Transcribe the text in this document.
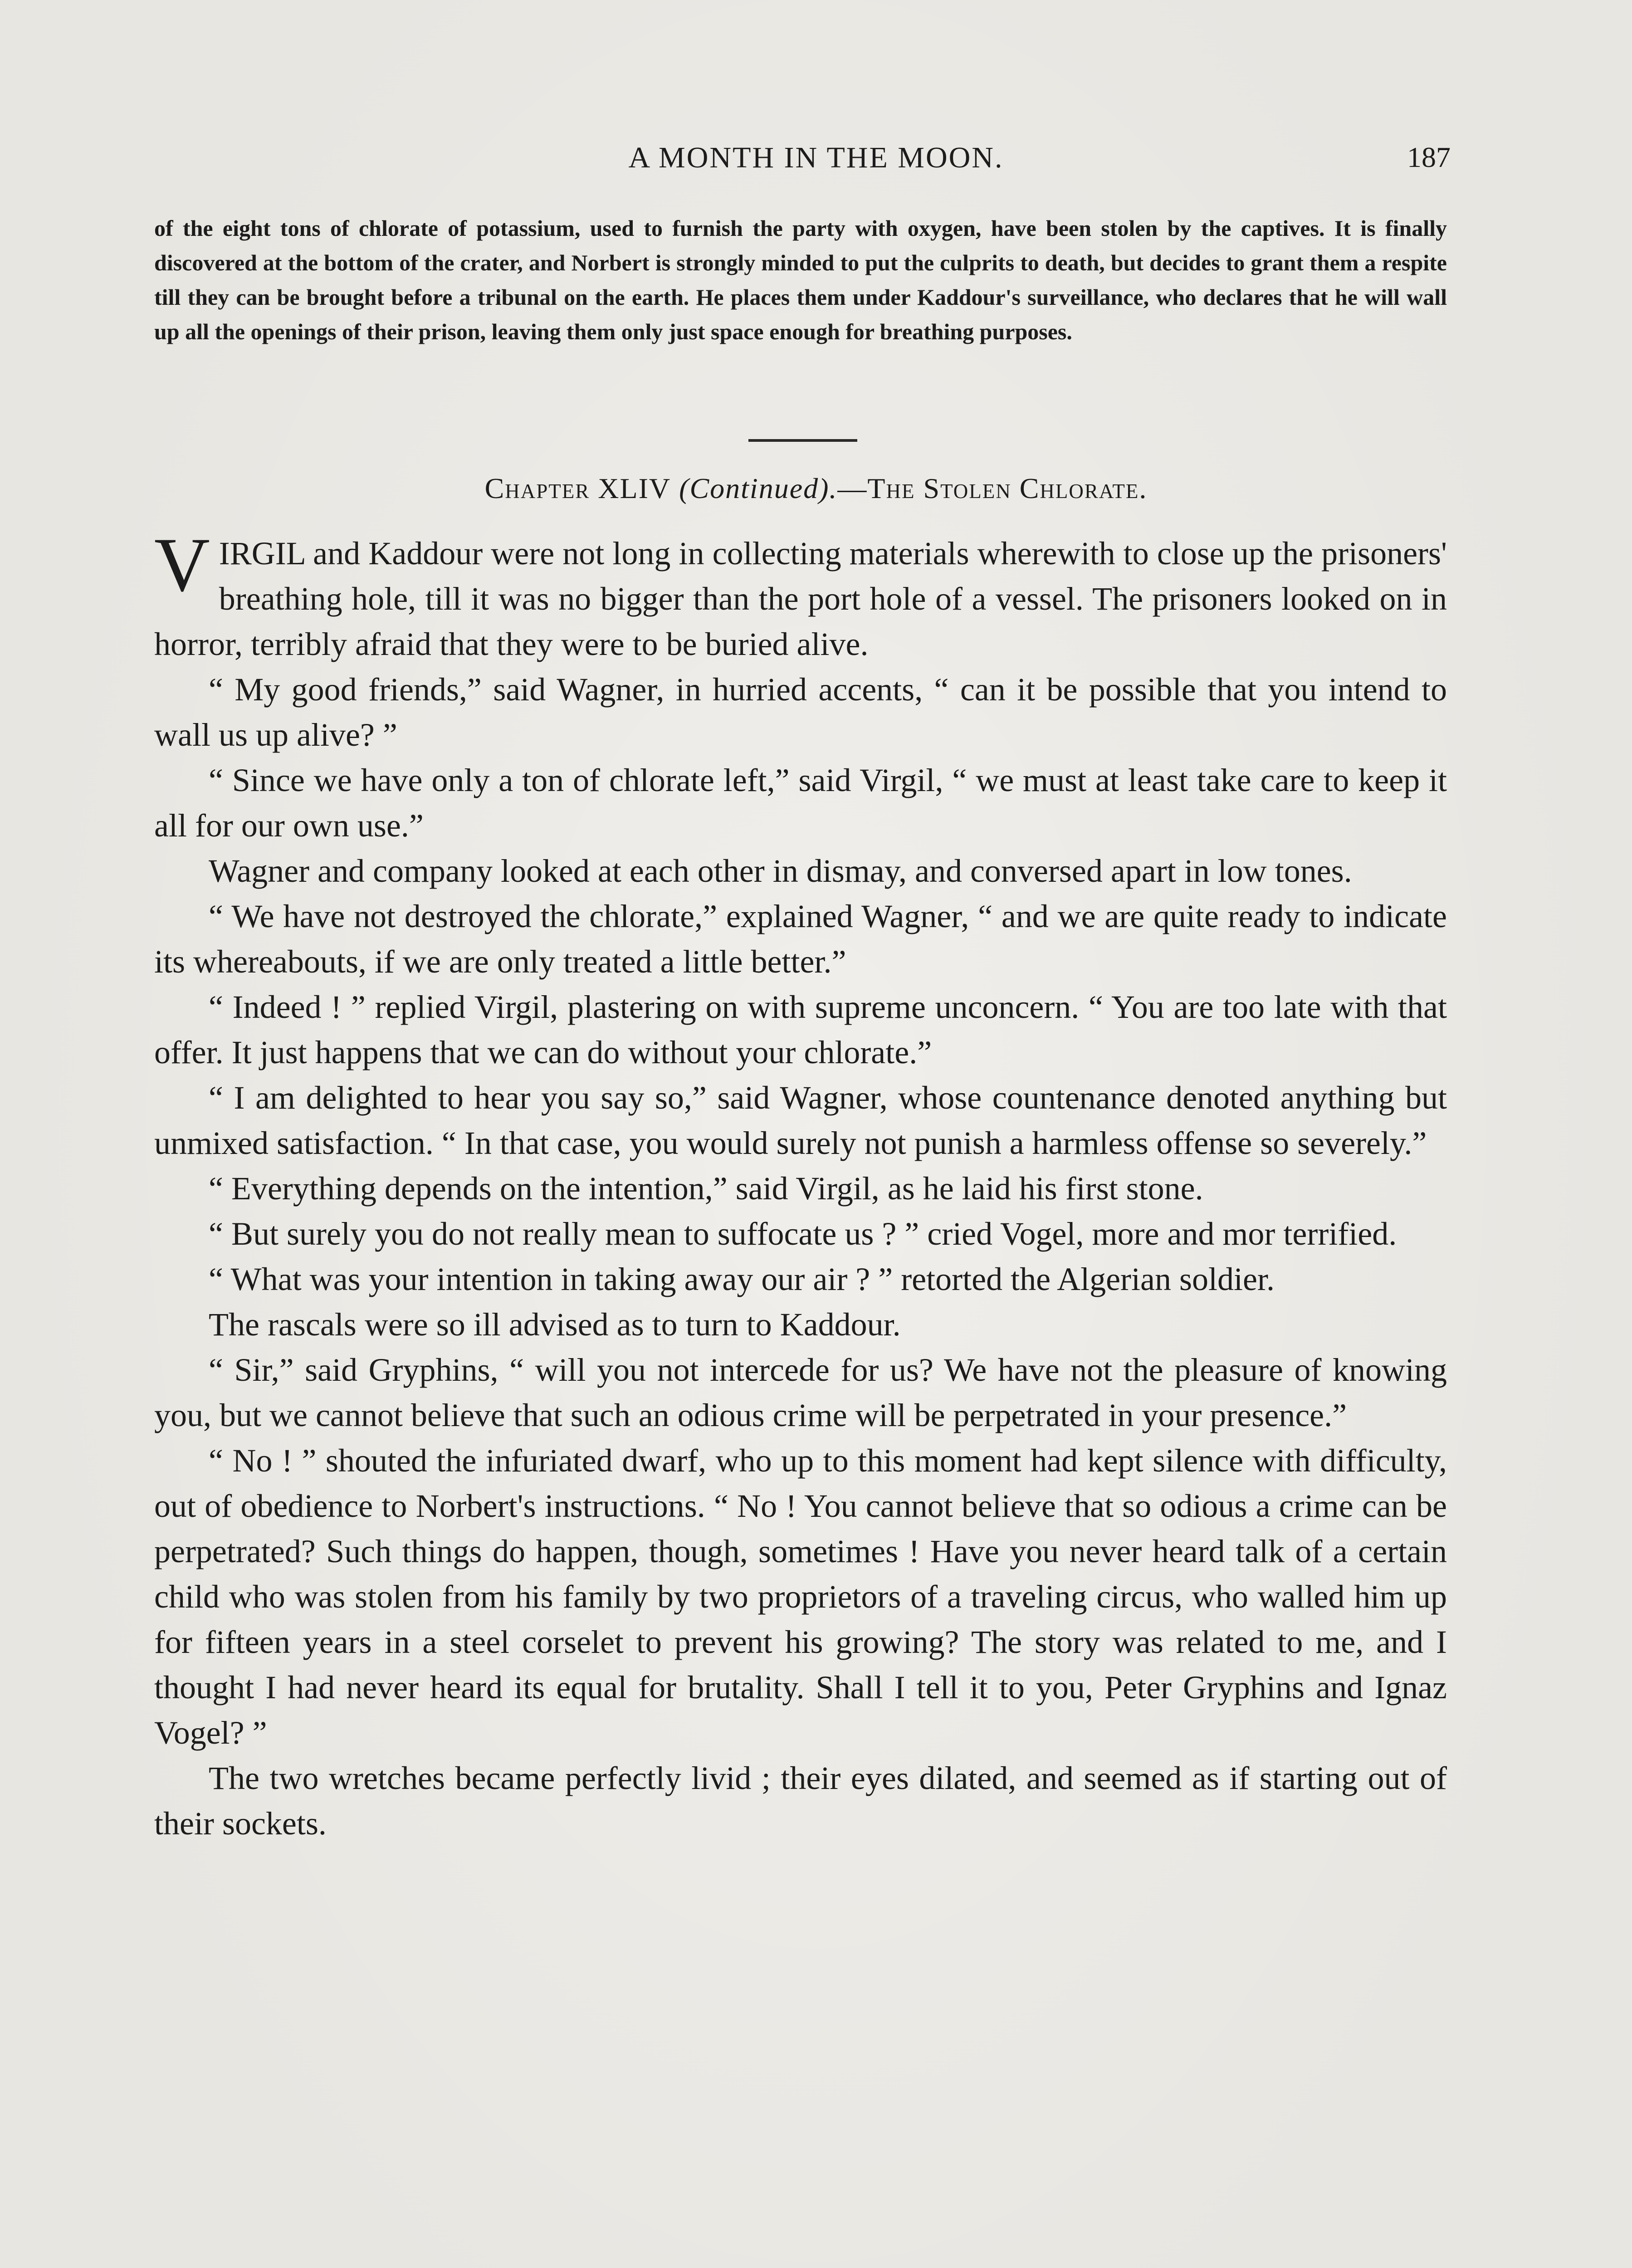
A MONTH IN THE MOON.	187

of the eight tons of chlorate of potassium, used to furnish the party with oxygen, have been stolen by the captives. It is finally discovered at the bottom of the crater, and Norbert is strongly minded to put the culprits to death, but decides to grant them a respite till they can be brought before a tribunal on the earth. He places them under Kaddour's surveillance, who declares that he will wall up all the openings of their prison, leaving them only just space enough for breathing purposes.

Chapter XLIV (Continued).—The Stolen Chlorate.

VIRGIL and Kaddour were not long in collecting materials wherewith to close up the prisoners' breathing hole, till it was no bigger than the port hole of a vessel. The prisoners looked on in horror, terribly afraid that they were to be buried alive.

“ My good friends,” said Wagner, in hurried accents, “ can it be possible that you intend to wall us up alive? ”

“ Since we have only a ton of chlorate left,” said Virgil, “ we must at least take care to keep it all for our own use.”

Wagner and company looked at each other in dismay, and conversed apart in low tones.

“ We have not destroyed the chlorate,” explained Wagner, “ and we are quite ready to indicate its whereabouts, if we are only treated a little better.”

“ Indeed ! ” replied Virgil, plastering on with supreme unconcern. “ You are too late with that offer. It just happens that we can do without your chlorate.”

“ I am delighted to hear you say so,” said Wagner, whose countenance denoted anything but unmixed satisfaction. “ In that case, you would surely not punish a harmless offense so severely.”

“ Everything depends on the intention,” said Virgil, as he laid his first stone.

“ But surely you do not really mean to suffocate us ? ” cried Vogel, more and mor terrified.

“ What was your intention in taking away our air ? ” retorted the Algerian soldier.

The rascals were so ill advised as to turn to Kaddour.

“ Sir,” said Gryphins, “ will you not intercede for us? We have not the pleasure of knowing you, but we cannot believe that such an odious crime will be perpetrated in your presence.”

“ No ! ” shouted the infuriated dwarf, who up to this moment had kept silence with difficulty, out of obedience to Norbert's instructions. “ No ! You cannot believe that so odious a crime can be perpetrated? Such things do happen, though, sometimes ! Have you never heard talk of a certain child who was stolen from his family by two proprietors of a traveling circus, who walled him up for fifteen years in a steel corselet to prevent his growing? The story was related to me, and I thought I had never heard its equal for brutality. Shall I tell it to you, Peter Gryphins and Ignaz Vogel? ”

The two wretches became perfectly livid ; their eyes dilated, and seemed as if starting out of their sockets.
